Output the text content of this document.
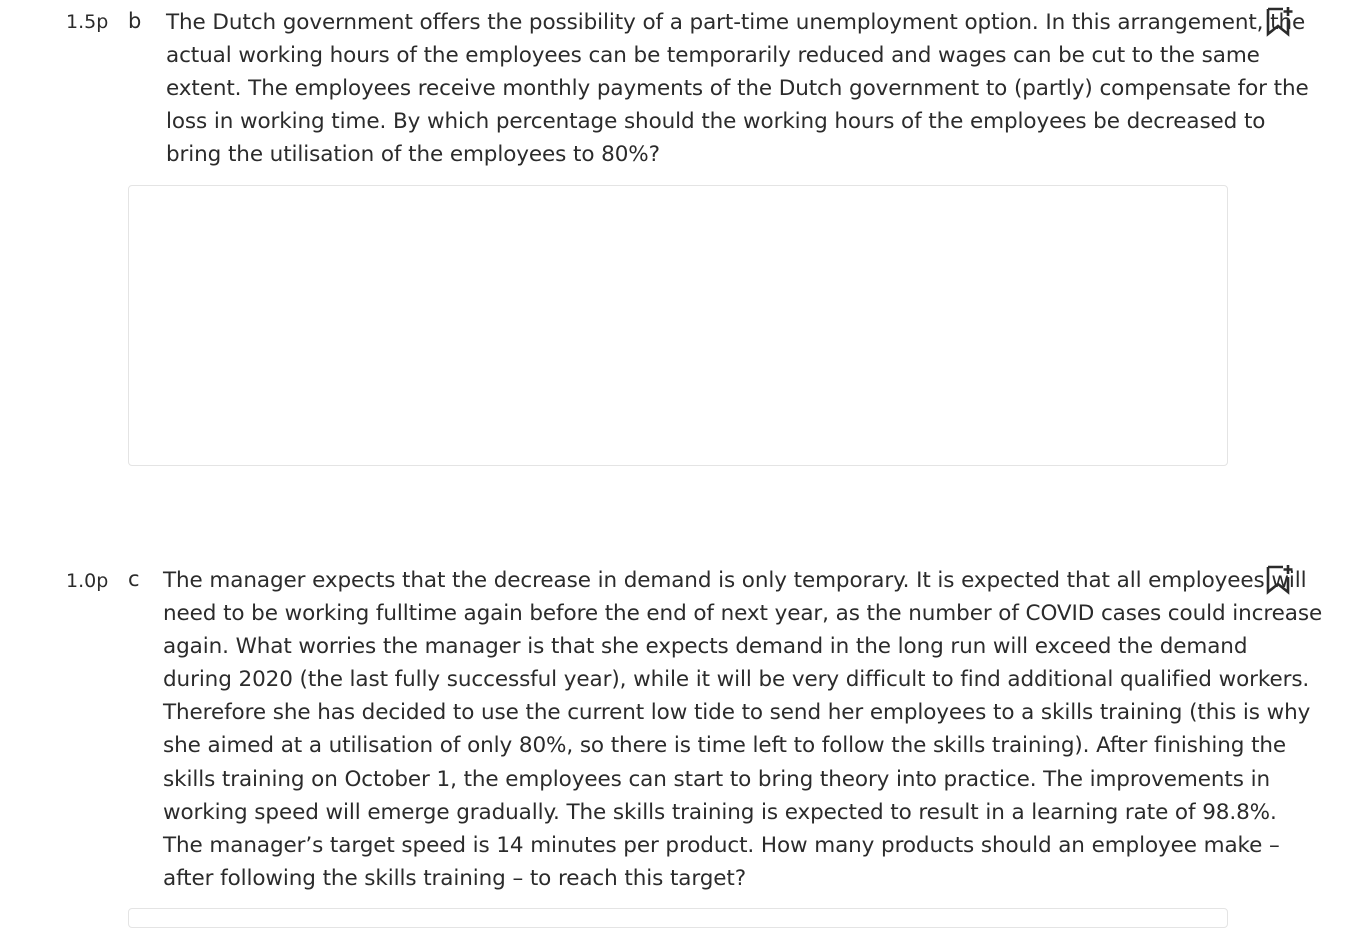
1.5p b The Dutch government offers the possibility of a part-time unemployment option. In this arrangement, the
actual working hours of the employees can be temporarily reduced and wages can be cut to the same
extent. The employees receive monthly payments of the Dutch government to (partly) compensate for the
loss in working time. By which percentage should the working hours of the employees be decreased to
bring the utilisation of the employees to 80%?
1.0p c The manager expects that the decrease in demand is only temporary. It is expected that all employees will
need to be working fulltime again before the end of next year, as the number of COVID cases could increase
again. What worries the manager is that she expects demand in the long run will exceed the demand
during 2020 (the last fully successful year), while it will be very difficult to find additional qualified workers.
Therefore she has decided to use the current low tide to send her employees to a skills training (this is why
she aimed at a utilisation of only 80%, so there is time left to follow the skills training). After finishing the
skills training on October 1, the employees can start to bring theory into practice. The improvements in
working speed will emerge gradually. The skills training is expected to result in a learning rate of 98.8%.
The manager’s target speed is 14 minutes per product. How many products should an employee make –
after following the skills training – to reach this target?
